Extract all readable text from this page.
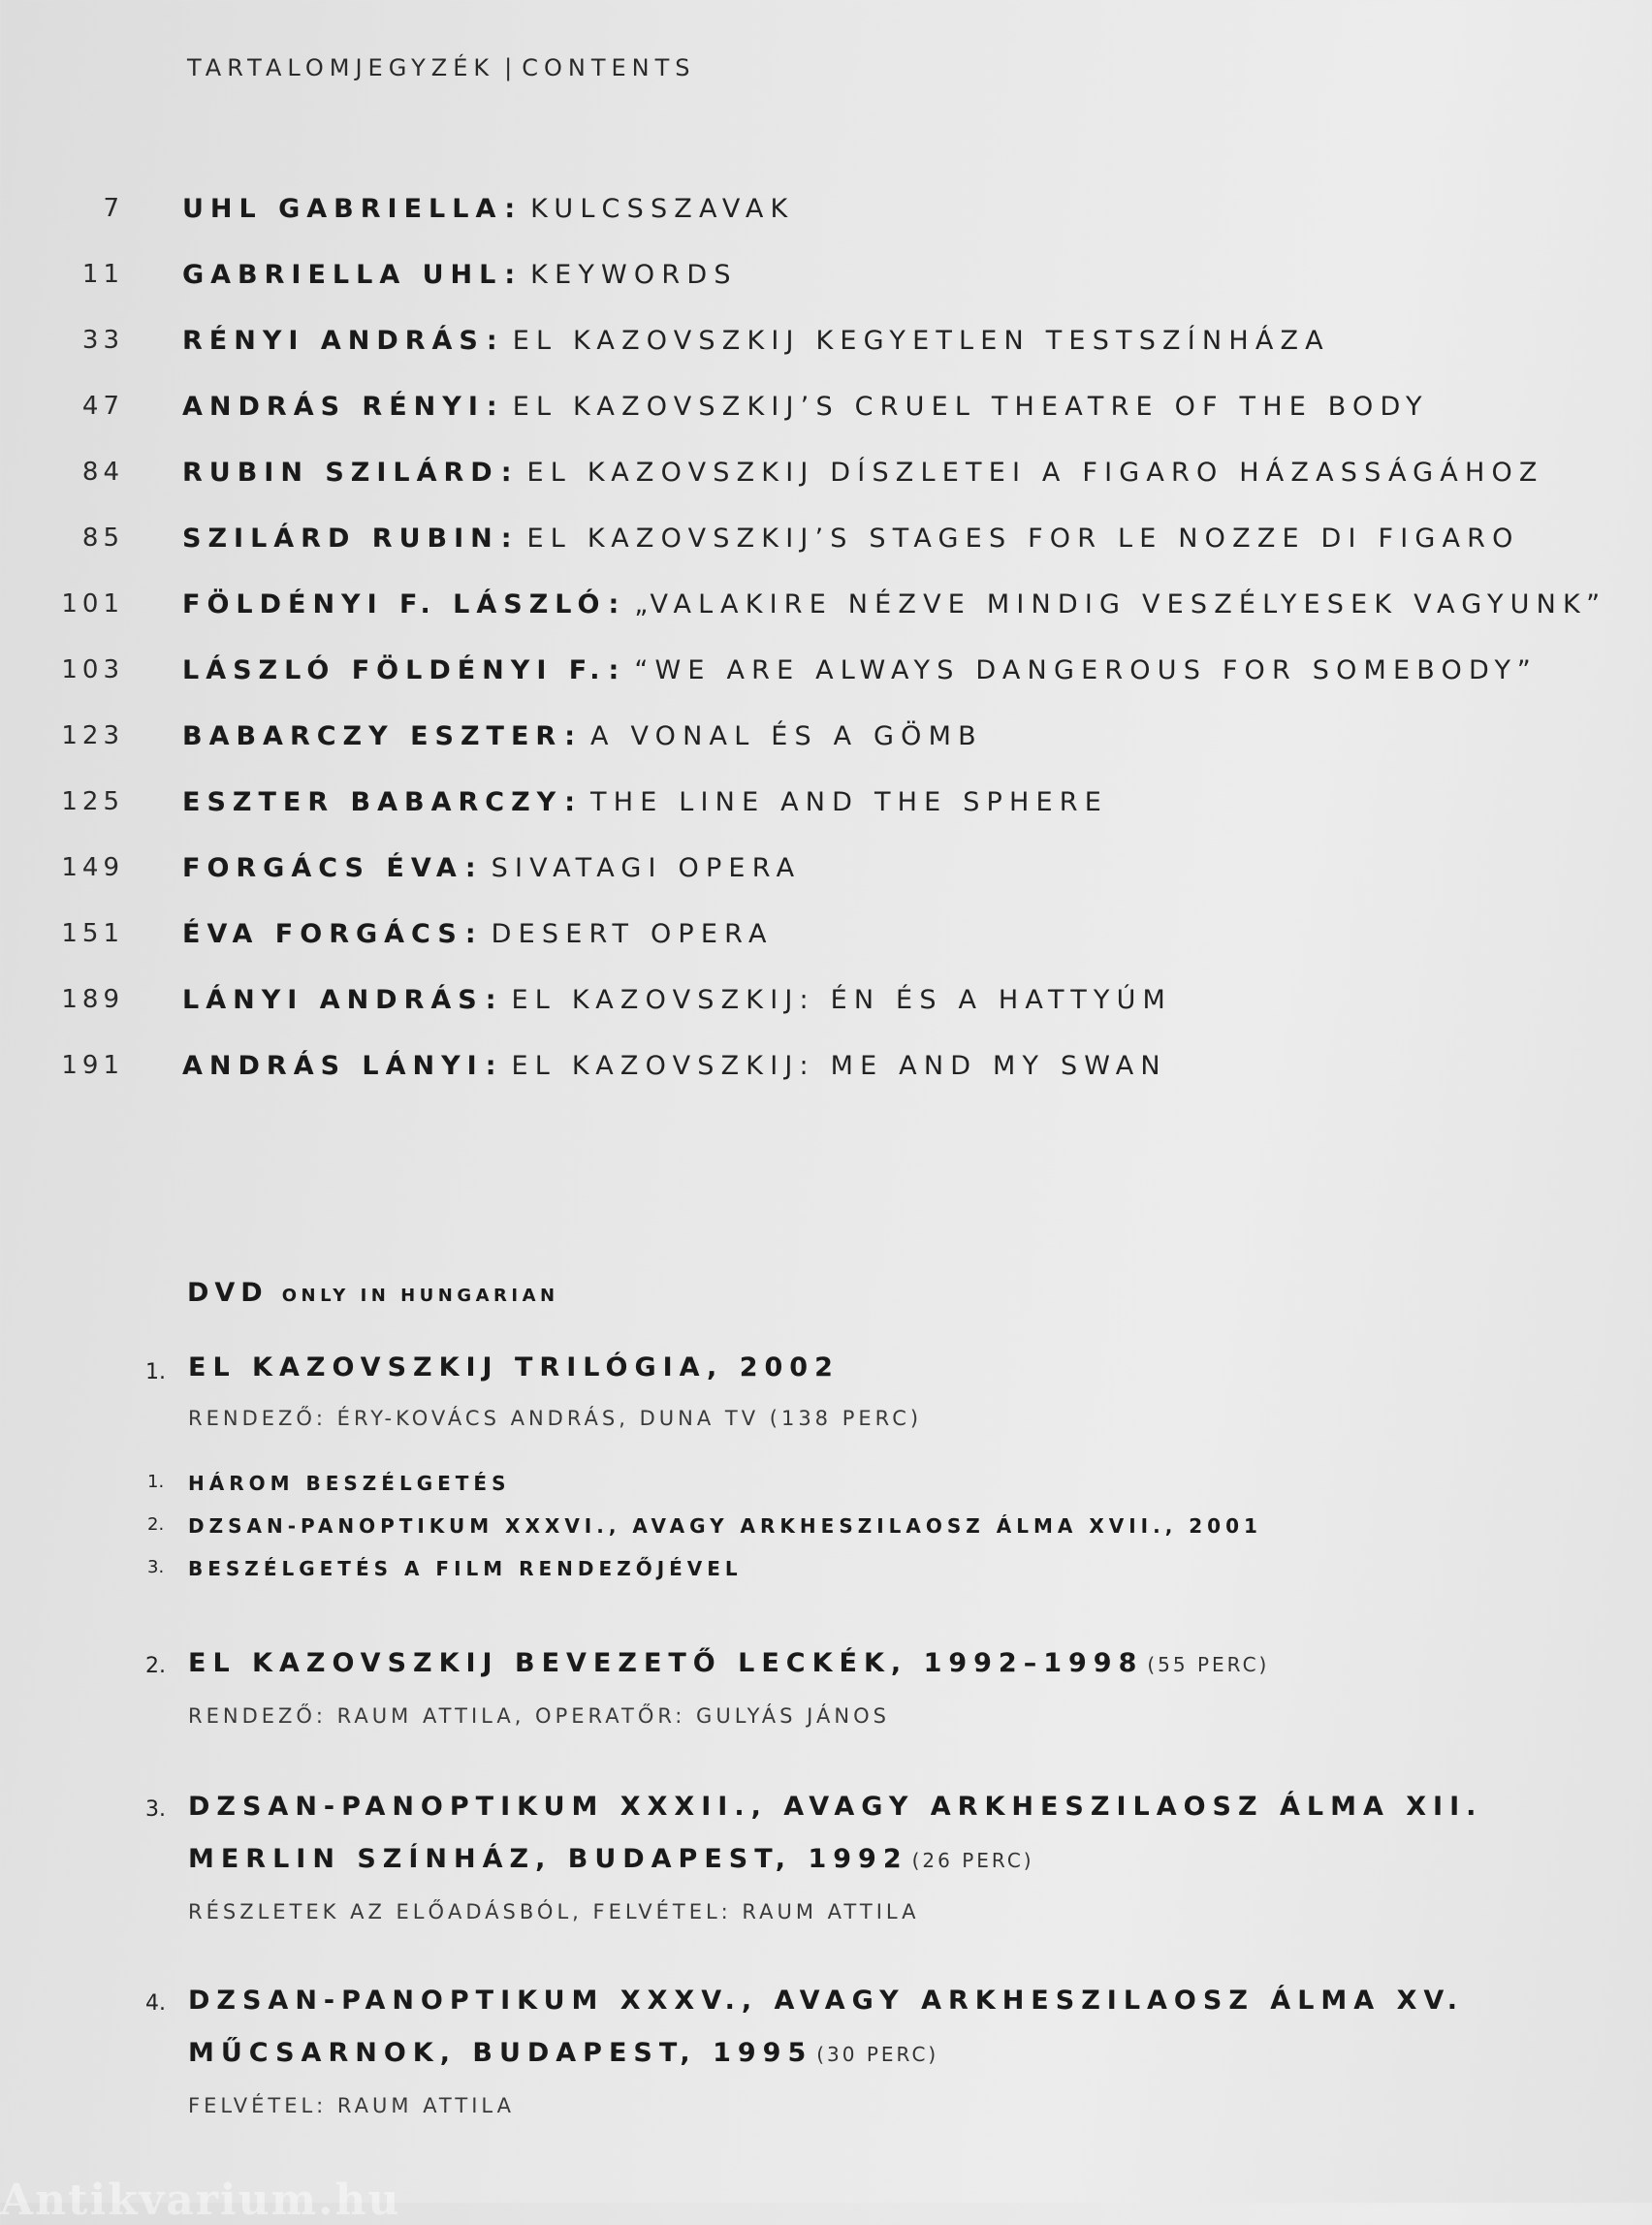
TARTALOMJEGYZÉK | CONTENTS
7 UHL GABRIELLA : KULCSSZAVAK
11 GABRIELLA UHL : KEYWORDS
33 RÉNYI ANDRÁS : EL KAZOVSZKIJ KEGYETLEN TESTSZÍNHÁZA
47 ANDRÁS RÉNYI : EL KAZOVSZKIJ’S CRUEL THEATRE OF THE BODY
84 RUBIN SZILÁRD : EL KAZOVSZKIJ DÍSZLETEI A FIGARO HÁZASSÁGÁHOZ
85 SZILÁRD RUBIN : EL KAZOVSZKIJ’S STAGES FOR LE NOZZE DI FIGARO
101 FÖLDÉNYI F. LÁSZLÓ : „VALAKIRE NÉZVE MINDIG VESZÉLYESEK VAGYUNK”
103 LÁSZLÓ FÖLDÉNYI F. : “WE ARE ALWAYS DANGEROUS FOR SOMEBODY”
123 BABARCZY ESZTER : A VONAL ÉS A GÖMB
125 ESZTER BABARCZY : THE LINE AND THE SPHERE
149 FORGÁCS ÉVA : SIVATAGI OPERA
151 ÉVA FORGÁCS : DESERT OPERA
189 LÁNYI ANDRÁS : EL KAZOVSZKIJ: ÉN ÉS A HATTYÚM
191 ANDRÁS LÁNYI : EL KAZOVSZKIJ: ME AND MY SWAN
DVD ONLY IN HUNGARIAN
1. EL KAZOVSZKIJ TRILÓGIA, 2002
RENDEZŐ: ÉRY-KOVÁCS ANDRÁS, DUNA TV (138 PERC)
1. HÁROM BESZÉLGETÉS
2. DZSAN-PANOPTIKUM XXXVI., AVAGY ARKHESZILAOSZ ÁLMA XVII., 2001
3. BESZÉLGETÉS A FILM RENDEZŐJÉVEL
2. EL KAZOVSZKIJ BEVEZETŐ LECKÉK, 1992–1998 (55 PERC)
RENDEZŐ: RAUM ATTILA, OPERATŐR: GULYÁS JÁNOS
3. DZSAN-PANOPTIKUM XXXII., AVAGY ARKHESZILAOSZ ÁLMA XII.
MERLIN SZÍNHÁZ, BUDAPEST, 1992 (26 PERC)
RÉSZLETEK AZ ELŐADÁSBÓL, FELVÉTEL: RAUM ATTILA
4. DZSAN-PANOPTIKUM XXXV., AVAGY ARKHESZILAOSZ ÁLMA XV.
MŰCSARNOK, BUDAPEST, 1995 (30 PERC)
FELVÉTEL: RAUM ATTILA
Antikvarium.hu
